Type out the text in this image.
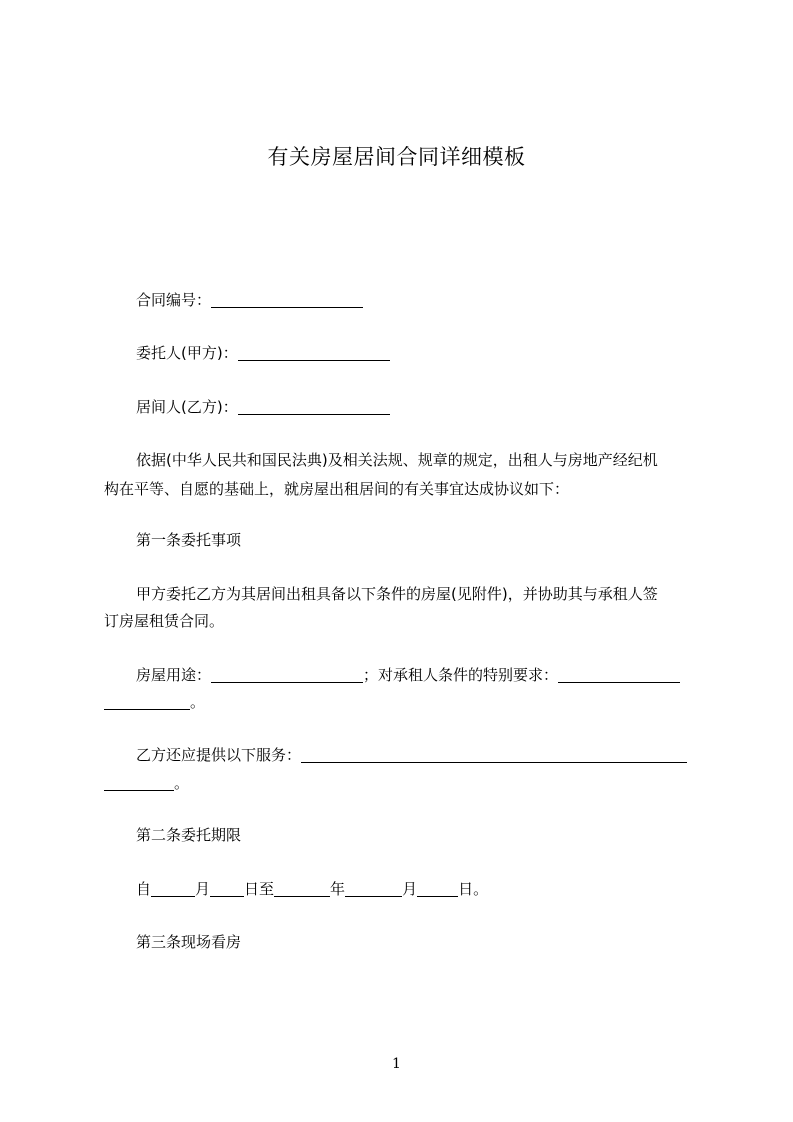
有关房屋居间合同详细模板
合同编号：
委托人(甲方)：
居间人(乙方)：
依据(中华人民共和国民法典)及相关法规、规章的规定，出租人与房地产经纪机
构在平等、自愿的基础上，就房屋出租居间的有关事宜达成协议如下：
第一条委托事项
甲方委托乙方为其居间出租具备以下条件的房屋(见附件)，并协助其与承租人签
订房屋租赁合同。
房屋用途：	；对承租人条件的特别要求：
。
乙方还应提供以下服务：
。
第二条委托期限
自	月 日至	年	月	日。
第三条现场看房
1
